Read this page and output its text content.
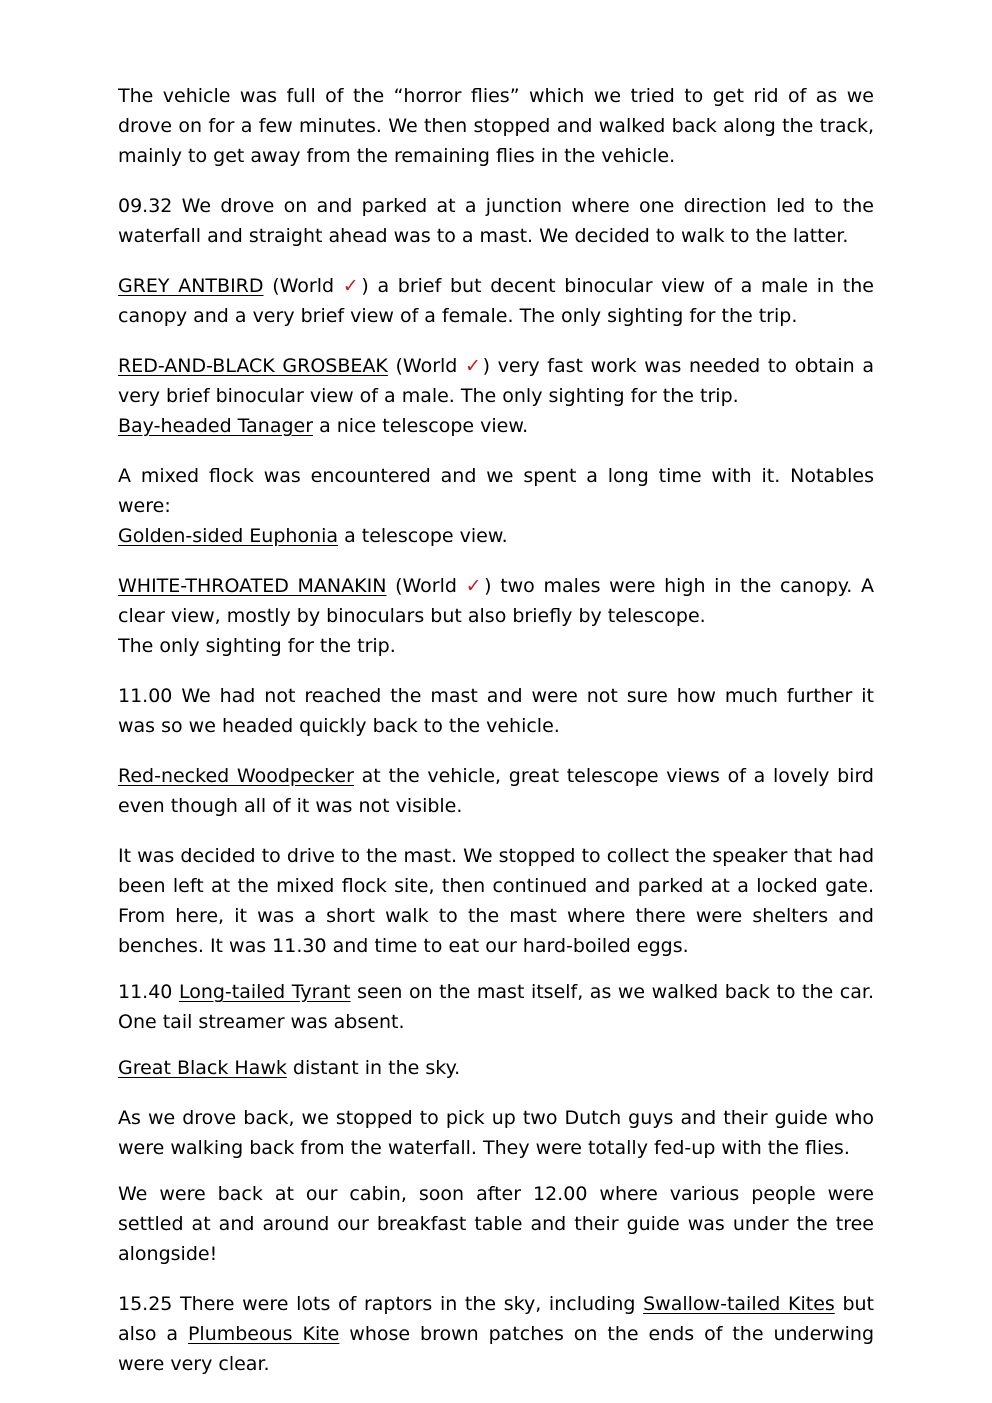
The vehicle was full of the “horror flies” which we tried to get rid of as we drove on for a few minutes. We then stopped and walked back along the track, mainly to get away from the remaining flies in the vehicle.

09.32 We drove on and parked at a junction where one direction led to the waterfall and straight ahead was to a mast. We decided to walk to the latter.

GREY ANTBIRD (World ✓) a brief but decent binocular view of a male in the canopy and a very brief view of a female. The only sighting for the trip.

RED-AND-BLACK GROSBEAK (World ✓) very fast work was needed to obtain a very brief binocular view of a male. The only sighting for the trip.
Bay-headed Tanager a nice telescope view.

A mixed flock was encountered and we spent a long time with it. Notables were:
Golden-sided Euphonia a telescope view.

WHITE-THROATED MANAKIN (World ✓) two males were high in the canopy. A clear view, mostly by binoculars but also briefly by telescope.
The only sighting for the trip.

11.00 We had not reached the mast and were not sure how much further it was so we headed quickly back to the vehicle.

Red-necked Woodpecker at the vehicle, great telescope views of a lovely bird even though all of it was not visible.

It was decided to drive to the mast. We stopped to collect the speaker that had been left at the mixed flock site, then continued and parked at a locked gate. From here, it was a short walk to the mast where there were shelters and benches. It was 11.30 and time to eat our hard-boiled eggs.

11.40 Long-tailed Tyrant seen on the mast itself, as we walked back to the car. One tail streamer was absent.

Great Black Hawk distant in the sky.

As we drove back, we stopped to pick up two Dutch guys and their guide who were walking back from the waterfall. They were totally fed-up with the flies.

We were back at our cabin, soon after 12.00 where various people were settled at and around our breakfast table and their guide was under the tree alongside!

15.25 There were lots of raptors in the sky, including Swallow-tailed Kites but also a Plumbeous Kite whose brown patches on the ends of the underwing were very clear.
